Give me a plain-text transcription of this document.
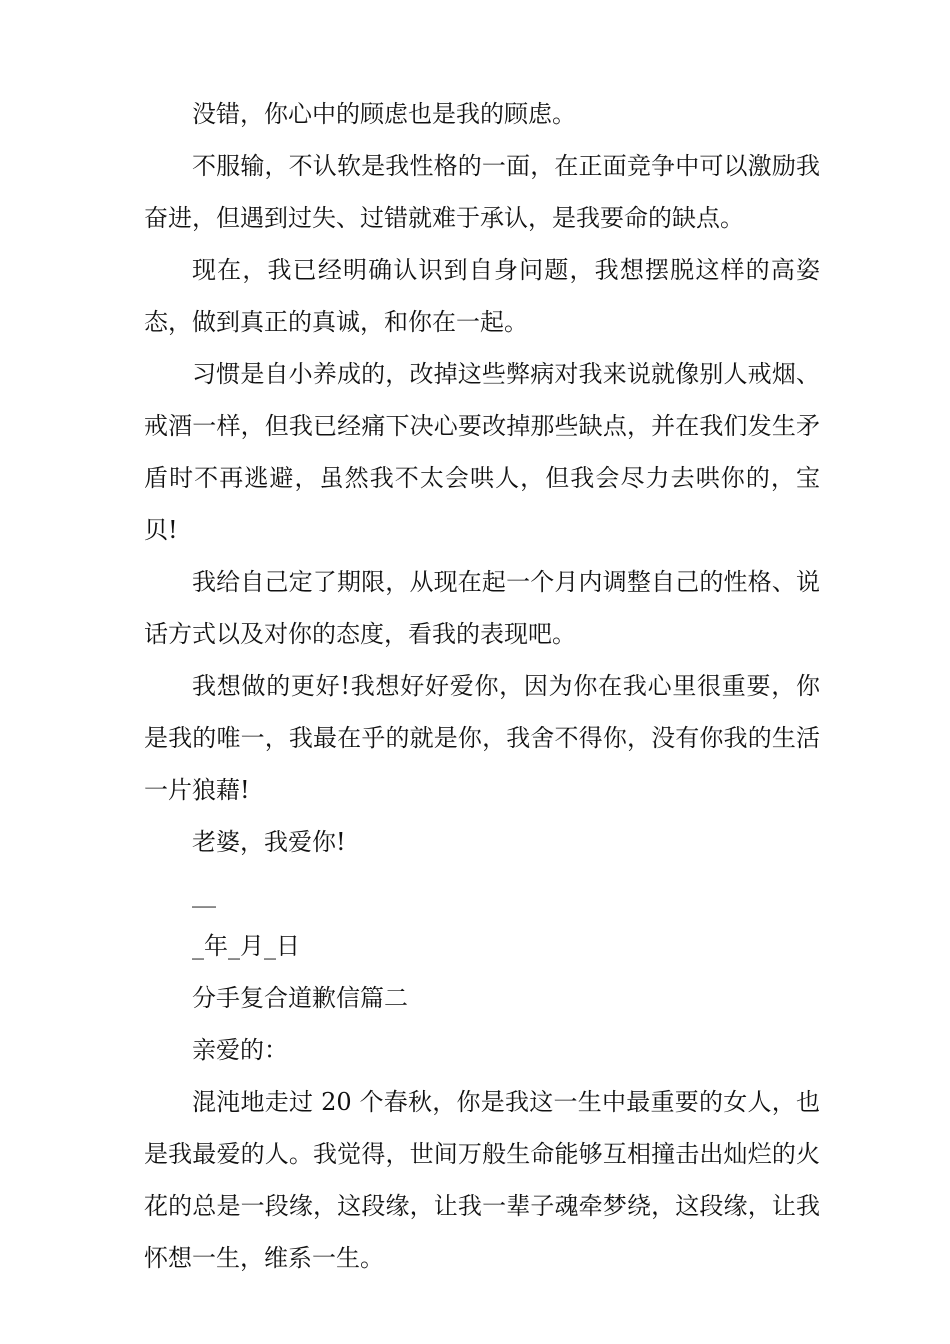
没错，你心中的顾虑也是我的顾虑。

不服输，不认软是我性格的一面，在正面竞争中可以激励我奋进，但遇到过失、过错就难于承认，是我要命的缺点。

现在，我已经明确认识到自身问题，我想摆脱这样的高姿态，做到真正的真诚，和你在一起。

习惯是自小养成的，改掉这些弊病对我来说就像别人戒烟、戒酒一样，但我已经痛下决心要改掉那些缺点，并在我们发生矛盾时不再逃避，虽然我不太会哄人，但我会尽力去哄你的，宝贝!

我给自己定了期限，从现在起一个月内调整自己的性格、说话方式以及对你的态度，看我的表现吧。

我想做的更好!我想好好爱你，因为你在我心里很重要，你是我的唯一，我最在乎的就是你，我舍不得你，没有你我的生活一片狼藉!

老婆，我爱你!

__

_年_月_日

分手复合道歉信篇二

亲爱的：

混沌地走过 20 个春秋，你是我这一生中最重要的女人，也是我最爱的人。我觉得，世间万般生命能够互相撞击出灿烂的火花的总是一段缘，这段缘，让我一辈子魂牵梦绕，这段缘，让我怀想一生，维系一生。
